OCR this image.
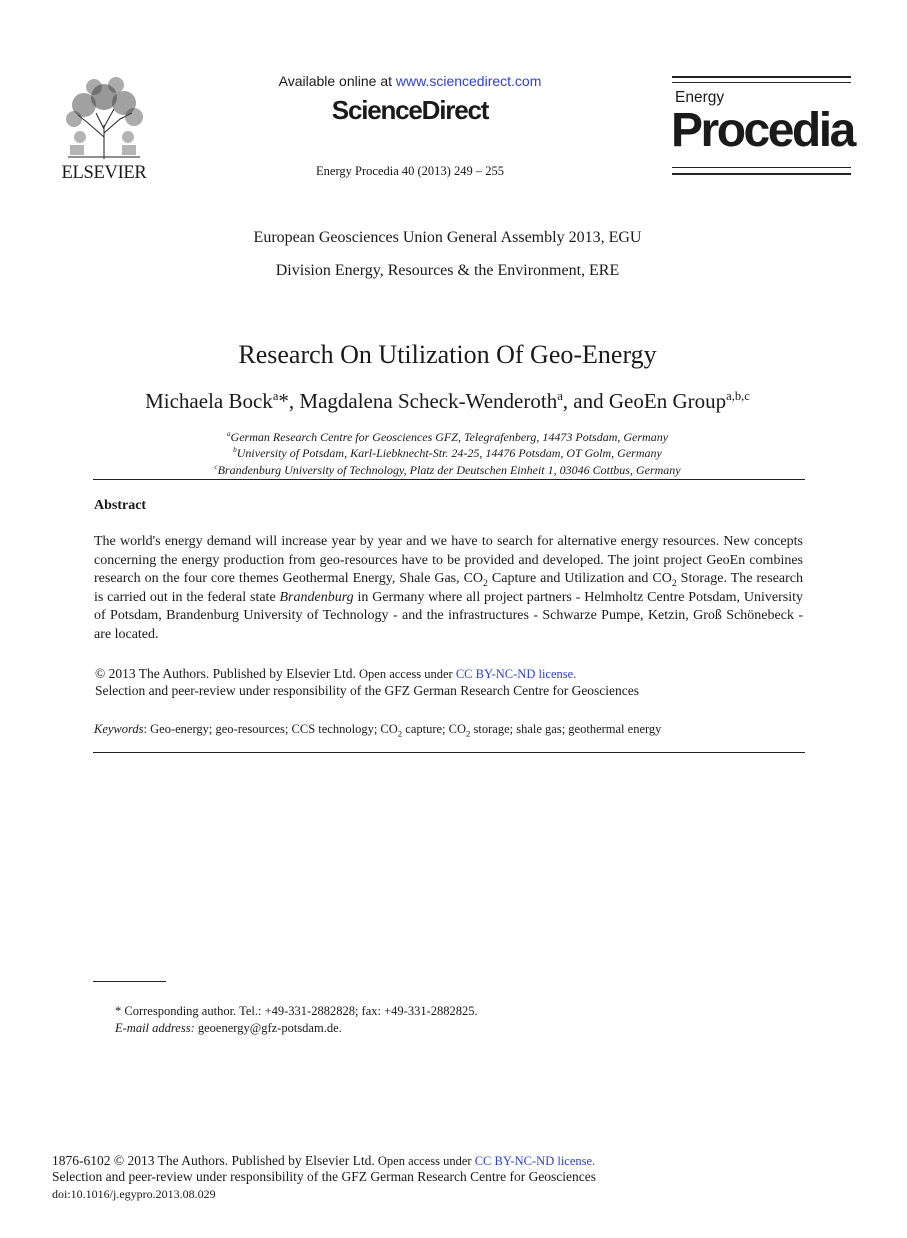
ELSEVIER
Available online at www.sciencedirect.com
ScienceDirect
Energy Procedia 40 (2013) 249 – 255
Energy
Procedia
European Geosciences Union General Assembly 2013, EGU
Division Energy, Resources & the Environment, ERE
Research On Utilization Of Geo-Energy
Michaela Bock$^a$*, Magdalena Scheck-Wenderoth$^a$, and GeoEn Group$^{a,b,c}$
$^a$German Research Centre for Geosciences GFZ, Telegrafenberg, 14473 Potsdam, Germany
$^b$University of Potsdam, Karl-Liebknecht-Str. 24-25, 14476 Potsdam, OT Golm, Germany
$^c$Brandenburg University of Technology, Platz der Deutschen Einheit 1, 03046 Cottbus, Germany
Abstract
The world's energy demand will increase year by year and we have to search for alternative energy resources. New concepts concerning the energy production from geo-resources have to be provided and developed. The joint project GeoEn combines research on the four core themes Geothermal Energy, Shale Gas, $CO_2$ Capture and Utilization and $CO_2$ Storage. The research is carried out in the federal state Brandenburg in Germany where all project partners - Helmholtz Centre Potsdam, University of Potsdam, Brandenburg University of Technology - and the infrastructures - Schwarze Pumpe, Ketzin, Groß Schönebeck - are located.
© 2013 The Authors. Published by Elsevier Ltd. Open access under CC BY-NC-ND license.
Selection and peer-review under responsibility of the GFZ German Research Centre for Geosciences
Keywords: Geo-energy; geo-resources; CCS technology; $CO_2$ capture; $CO_2$ storage; shale gas; geothermal energy
* Corresponding author. Tel.: +49-331-2882828; fax: +49-331-2882825.
E-mail address: geoenergy@gfz-potsdam.de.
1876-6102 © 2013 The Authors. Published by Elsevier Ltd. Open access under CC BY-NC-ND license.
Selection and peer-review under responsibility of the GFZ German Research Centre for Geosciences
doi:10.1016/j.egypro.2013.08.029
